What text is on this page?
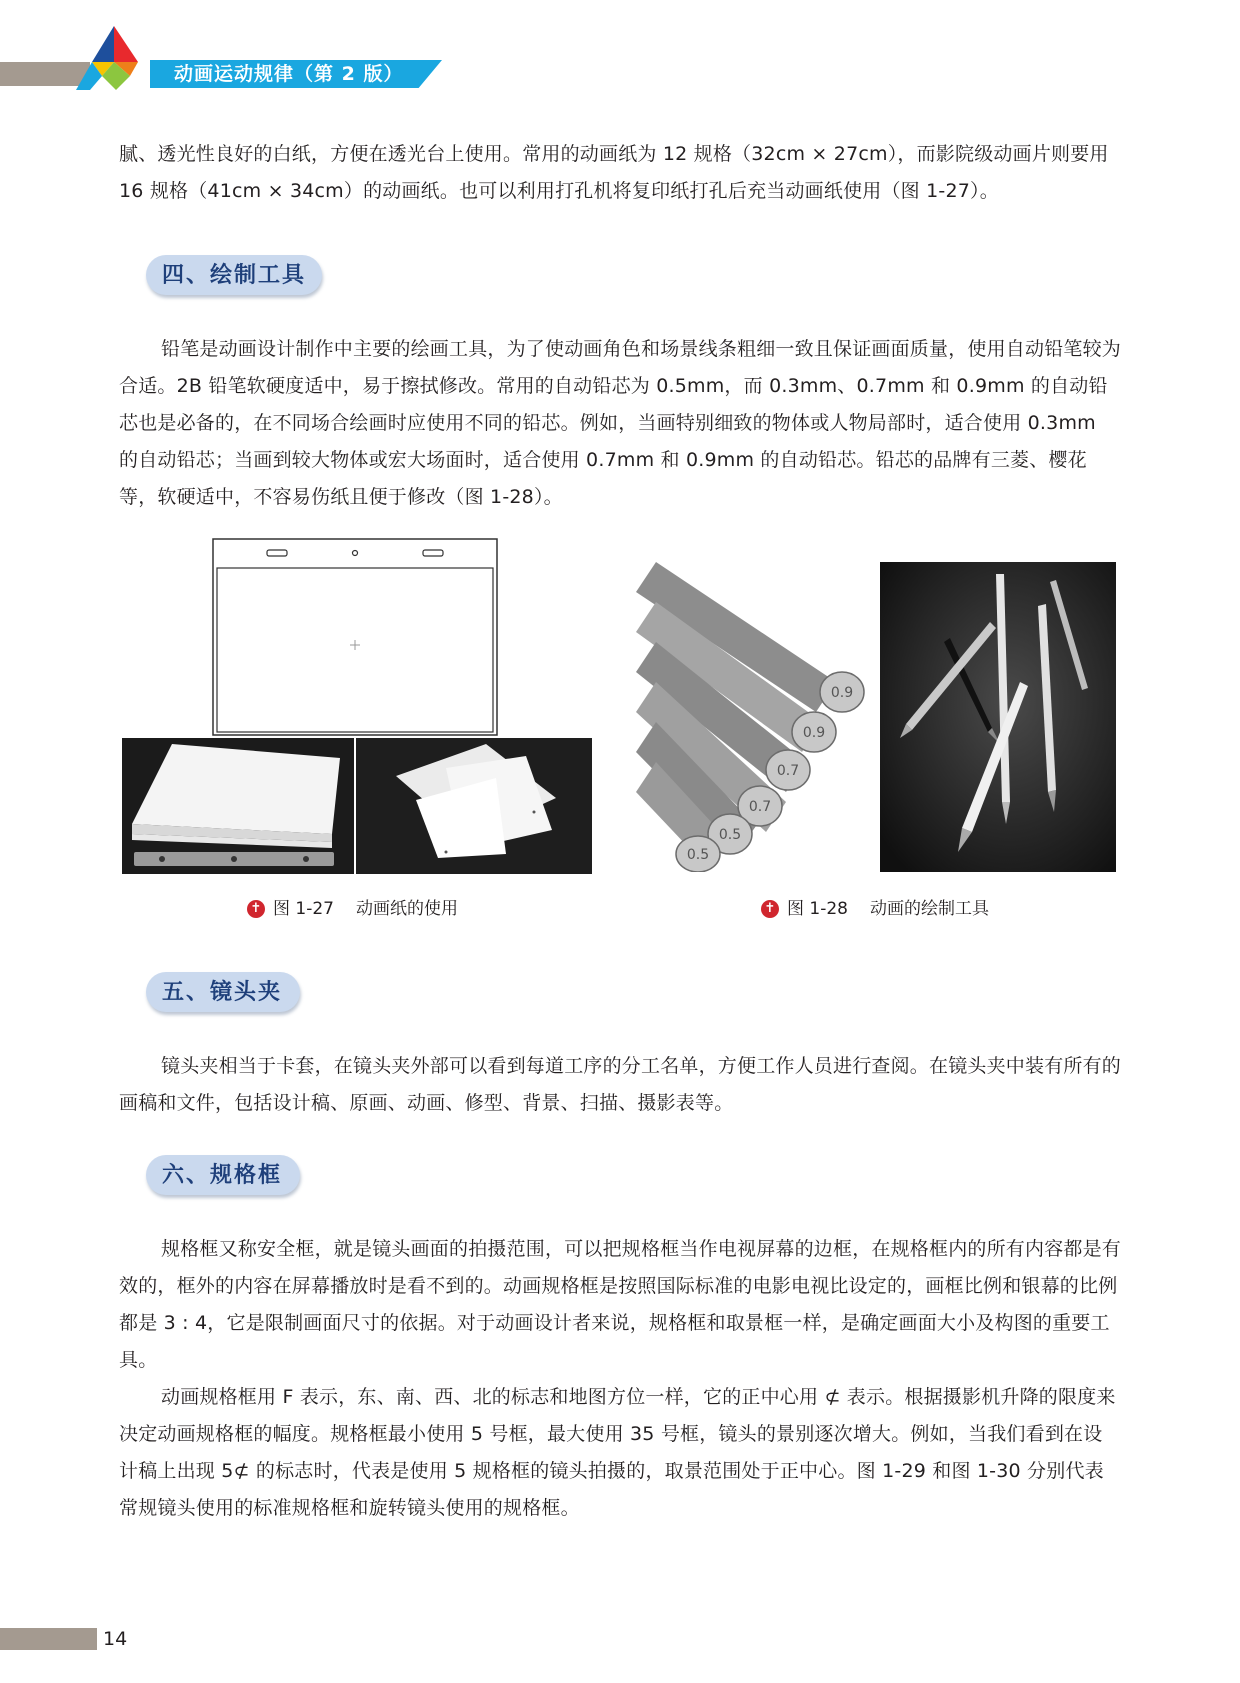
动画运动规律（第 2 版）
腻、透光性良好的白纸，方便在透光台上使用。常用的动画纸为 12 规格（32cm × 27cm），而影院级动画片则要用 16 规格（41cm × 34cm）的动画纸。也可以利用打孔机将复印纸打孔后充当动画纸使用（图 1-27）。
四、绘制工具
铅笔是动画设计制作中主要的绘画工具，为了使动画角色和场景线条粗细一致且保证画面质量，使用自动铅笔较为合适。2B 铅笔软硬度适中，易于擦拭修改。常用的自动铅芯为 0.5mm，而 0.3mm、0.7mm 和 0.9mm 的自动铅芯也是必备的，在不同场合绘画时应使用不同的铅芯。例如，当画特别细致的物体或人物局部时，适合使用 0.3mm 的自动铅芯；当画到较大物体或宏大场面时，适合使用 0.7mm 和 0.9mm 的自动铅芯。铅芯的品牌有三菱、樱花等，软硬适中，不容易伤纸且便于修改（图 1-28）。
✝ 图 1-27 动画纸的使用
0.5
0.5
0.7
0.7
0.9
0.9
✝ 图 1-28 动画的绘制工具
五、镜头夹
镜头夹相当于卡套，在镜头夹外部可以看到每道工序的分工名单，方便工作人员进行查阅。在镜头夹中装有所有的画稿和文件，包括设计稿、原画、动画、修型、背景、扫描、摄影表等。
六、规格框
规格框又称安全框，就是镜头画面的拍摄范围，可以把规格框当作电视屏幕的边框，在规格框内的所有内容都是有效的，框外的内容在屏幕播放时是看不到的。动画规格框是按照国际标准的电影电视比设定的，画框比例和银幕的比例都是 3 : 4，它是限制画面尺寸的依据。对于动画设计者来说，规格框和取景框一样，是确定画面大小及构图的重要工具。
动画规格框用 F 表示，东、南、西、北的标志和地图方位一样，它的正中心用 ⊄ 表示。根据摄影机升降的限度来决定动画规格框的幅度。规格框最小使用 5 号框，最大使用 35 号框，镜头的景别逐次增大。例如，当我们看到在设计稿上出现 5⊄ 的标志时，代表是使用 5 规格框的镜头拍摄的，取景范围处于正中心。图 1-29 和图 1-30 分别代表常规镜头使用的标准规格框和旋转镜头使用的规格框。
14
